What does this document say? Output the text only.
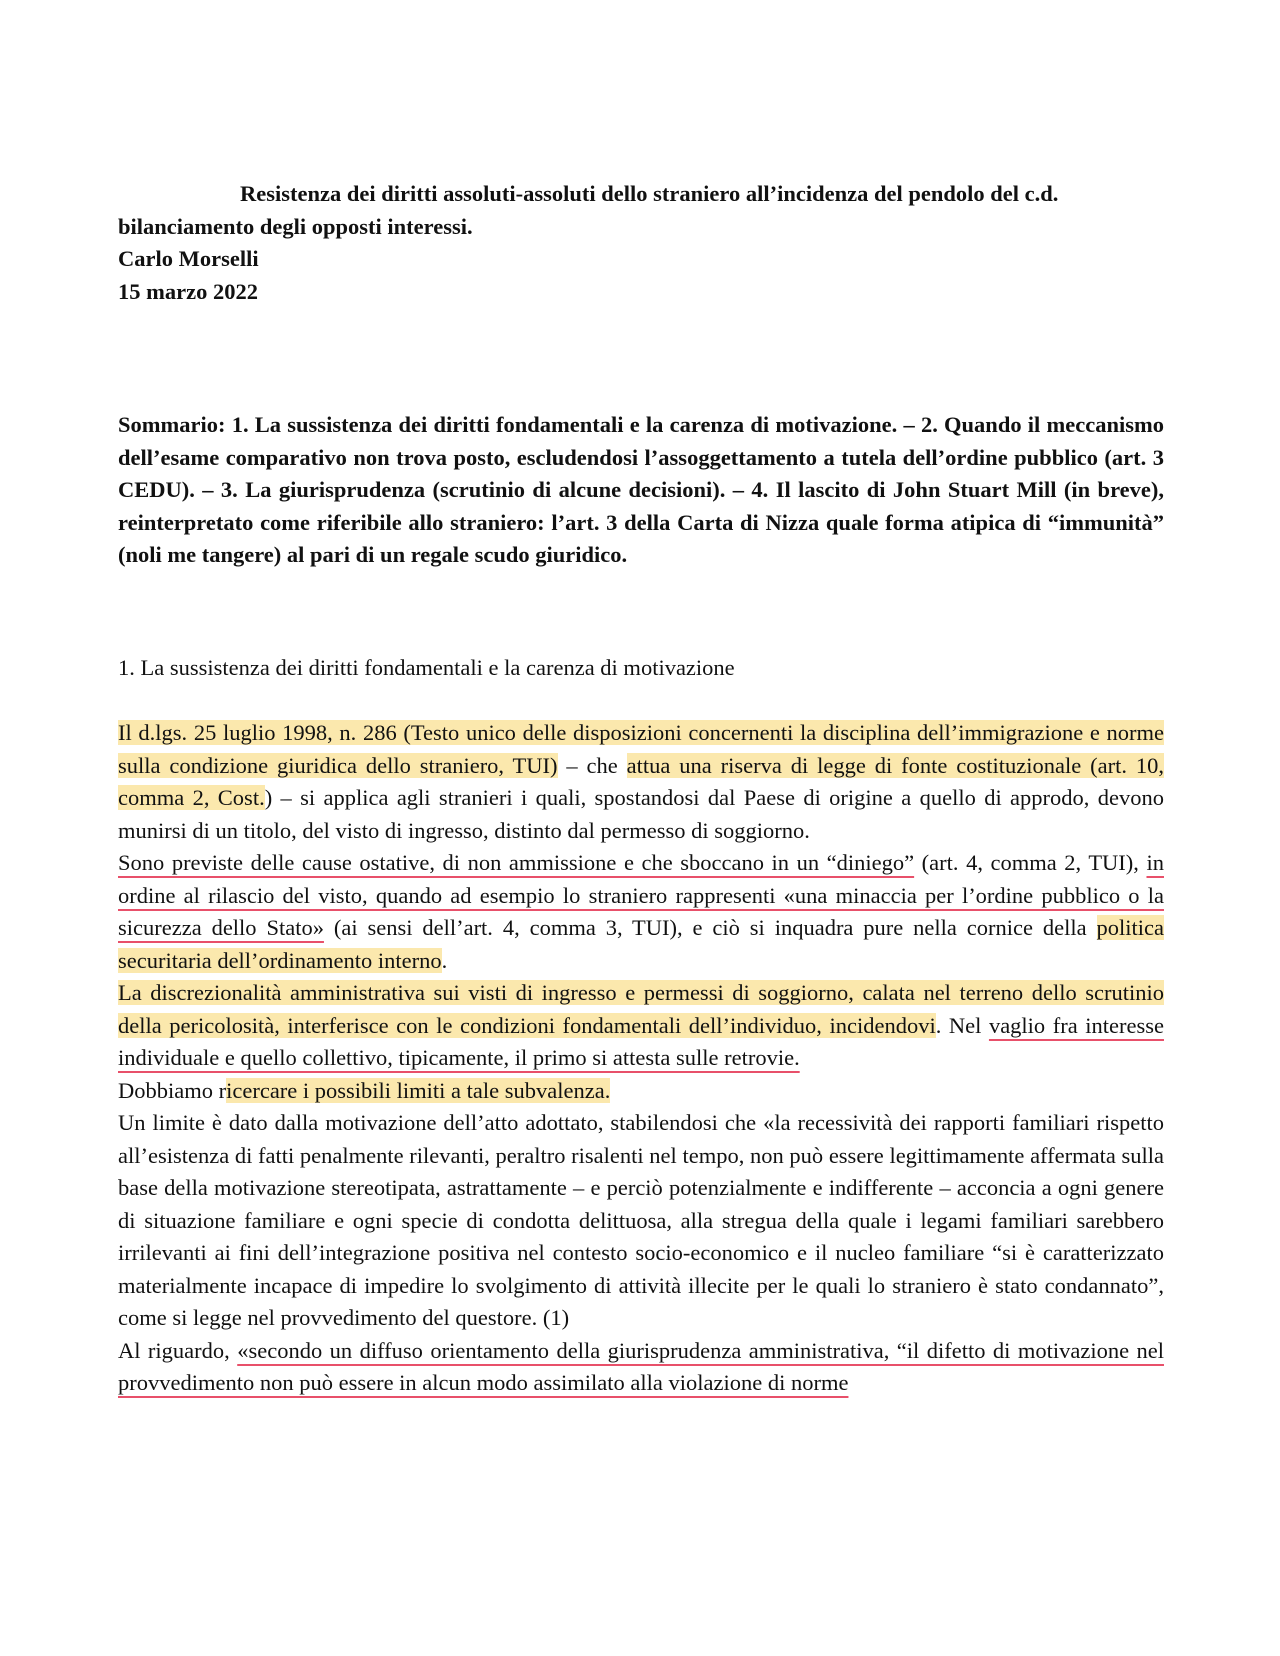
Resistenza dei diritti assoluti-assoluti dello straniero all’incidenza del pendolo del c.d. bilanciamento degli opposti interessi.

Carlo Morselli

15 marzo 2022

Sommario: 1. La sussistenza dei diritti fondamentali e la carenza di motivazione. – 2. Quando il meccanismo dell’esame comparativo non trova posto, escludendosi l’assoggettamento a tutela dell’ordine pubblico (art. 3 CEDU). – 3. La giurisprudenza (scrutinio di alcune decisioni). – 4. Il lascito di John Stuart Mill (in breve), reinterpretato come riferibile allo straniero: l’art. 3 della Carta di Nizza quale forma atipica di “immunità” (noli me tangere) al pari di un regale scudo giuridico.

1. La sussistenza dei diritti fondamentali e la carenza di motivazione

Il d.lgs. 25 luglio 1998, n. 286 (Testo unico delle disposizioni concernenti la disciplina dell’immigrazione e norme sulla condizione giuridica dello straniero, TUI) – che attua una riserva di legge di fonte costituzionale (art. 10, comma 2, Cost.) – si applica agli stranieri i quali, spostandosi dal Paese di origine a quello di approdo, devono munirsi di un titolo, del visto di ingresso, distinto dal permesso di soggiorno.

Sono previste delle cause ostative, di non ammissione e che sboccano in un “diniego” (art. 4, comma 2, TUI), in ordine al rilascio del visto, quando ad esempio lo straniero rappresenti «una minaccia per l’ordine pubblico o la sicurezza dello Stato» (ai sensi dell’art. 4, comma 3, TUI), e ciò si inquadra pure nella cornice della politica securitaria dell’ordinamento interno.

La discrezionalità amministrativa sui visti di ingresso e permessi di soggiorno, calata nel terreno dello scrutinio della pericolosità, interferisce con le condizioni fondamentali dell’individuo, incidendovi. Nel vaglio fra interesse individuale e quello collettivo, tipicamente, il primo si attesta sulle retrovie.

Dobbiamo ricercare i possibili limiti a tale subvalenza.

Un limite è dato dalla motivazione dell’atto adottato, stabilendosi che «la recessività dei rapporti familiari rispetto all’esistenza di fatti penalmente rilevanti, peraltro risalenti nel tempo, non può essere legittimamente affermata sulla base della motivazione stereotipata, astrattamente – e perciò potenzialmente e indifferente – acconcia a ogni genere di situazione familiare e ogni specie di condotta delittuosa, alla stregua della quale i legami familiari sarebbero irrilevanti ai fini dell’integrazione positiva nel contesto socio-economico e il nucleo familiare “si è caratterizzato materialmente incapace di impedire lo svolgimento di attività illecite per le quali lo straniero è stato condannato”, come si legge nel provvedimento del questore. (1)

Al riguardo, «secondo un diffuso orientamento della giurisprudenza amministrativa, “il difetto di motivazione nel provvedimento non può essere in alcun modo assimilato alla violazione di norme
